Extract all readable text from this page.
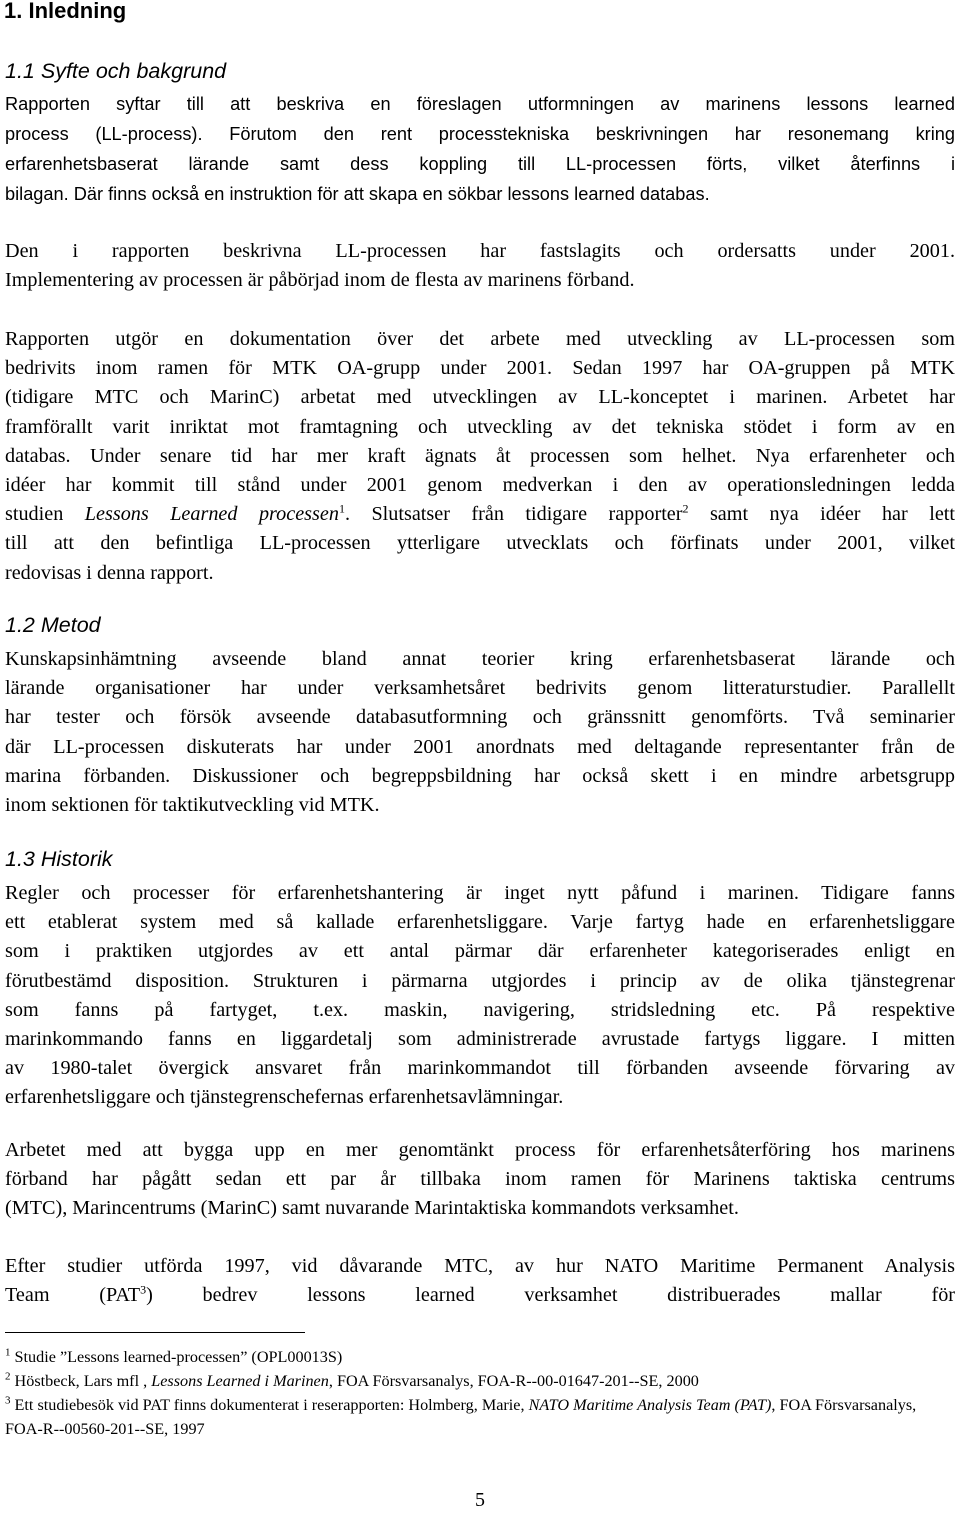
1. Inledning
1.1 Syfte och bakgrund
Rapporten syftar till att beskriva en föreslagen utformningen av marinens lessons learned
process (LL-process). Förutom den rent processtekniska beskrivningen har resonemang kring
erfarenhetsbaserat lärande samt dess koppling till LL-processen förts, vilket återfinns i
bilagan. Där finns också en instruktion för att skapa en sökbar lessons learned databas.
Den i rapporten beskrivna LL-processen har fastslagits och ordersatts under 2001.
Implementering av processen är påbörjad inom de flesta av marinens förband.
Rapporten utgör en dokumentation över det arbete med utveckling av LL-processen som
bedrivits inom ramen för MTK OA-grupp under 2001. Sedan 1997 har OA-gruppen på MTK
(tidigare MTC och MarinC) arbetat med utvecklingen av LL-konceptet i marinen. Arbetet har
framförallt varit inriktat mot framtagning och utveckling av det tekniska stödet i form av en
databas. Under senare tid har mer kraft ägnats åt processen som helhet. Nya erfarenheter och
idéer har kommit till stånd under 2001 genom medverkan i den av operationsledningen ledda
studien Lessons Learned processen$^1$. Slutsatser från tidigare rapporter$^2$ samt nya idéer har lett
till att den befintliga LL-processen ytterligare utvecklats och förfinats under 2001, vilket
redovisas i denna rapport.
1.2 Metod
Kunskapsinhämtning avseende bland annat teorier kring erfarenhetsbaserat lärande och
lärande organisationer har under verksamhetsåret bedrivits genom litteraturstudier. Parallellt
har tester och försök avseende databasutformning och gränssnitt genomförts. Två seminarier
där LL-processen diskuterats har under 2001 anordnats med deltagande representanter från de
marina förbanden. Diskussioner och begreppsbildning har också skett i en mindre arbetsgrupp
inom sektionen för taktikutveckling vid MTK.
1.3 Historik
Regler och processer för erfarenhetshantering är inget nytt påfund i marinen. Tidigare fanns
ett etablerat system med så kallade erfarenhetsliggare. Varje fartyg hade en erfarenhetsliggare
som i praktiken utgjordes av ett antal pärmar där erfarenheter kategoriserades enligt en
förutbestämd disposition. Strukturen i pärmarna utgjordes i princip av de olika tjänstegrenar
som fanns på fartyget, t.ex. maskin, navigering, stridsledning etc. På respektive
marinkommando fanns en liggardetalj som administrerade avrustade fartygs liggare. I mitten
av 1980-talet övergick ansvaret från marinkommandot till förbanden avseende förvaring av
erfarenhetsliggare och tjänstegrenschefernas erfarenhetsavlämningar.
Arbetet med att bygga upp en mer genomtänkt process för erfarenhetsåterföring hos marinens
förband har pågått sedan ett par år tillbaka inom ramen för Marinens taktiska centrums
(MTC), Marincentrums (MarinC) samt nuvarande Marintaktiska kommandots verksamhet.
Efter studier utförda 1997, vid dåvarande MTC, av hur NATO Maritime Permanent Analysis
Team (PAT$^3$) bedrev lessons learned verksamhet distribuerades mallar för
$^1$ Studie ”Lessons learned-processen” (OPL00013S)
$^2$ Höstbeck, Lars mfl , Lessons Learned i Marinen, FOA Försvarsanalys, FOA-R--00-01647-201--SE, 2000
$^3$ Ett studiebesök vid PAT finns dokumenterat i reserapporten: Holmberg, Marie, NATO Maritime Analysis Team (PAT), FOA Försvarsanalys, FOA-R--00560-201--SE, 1997
5
